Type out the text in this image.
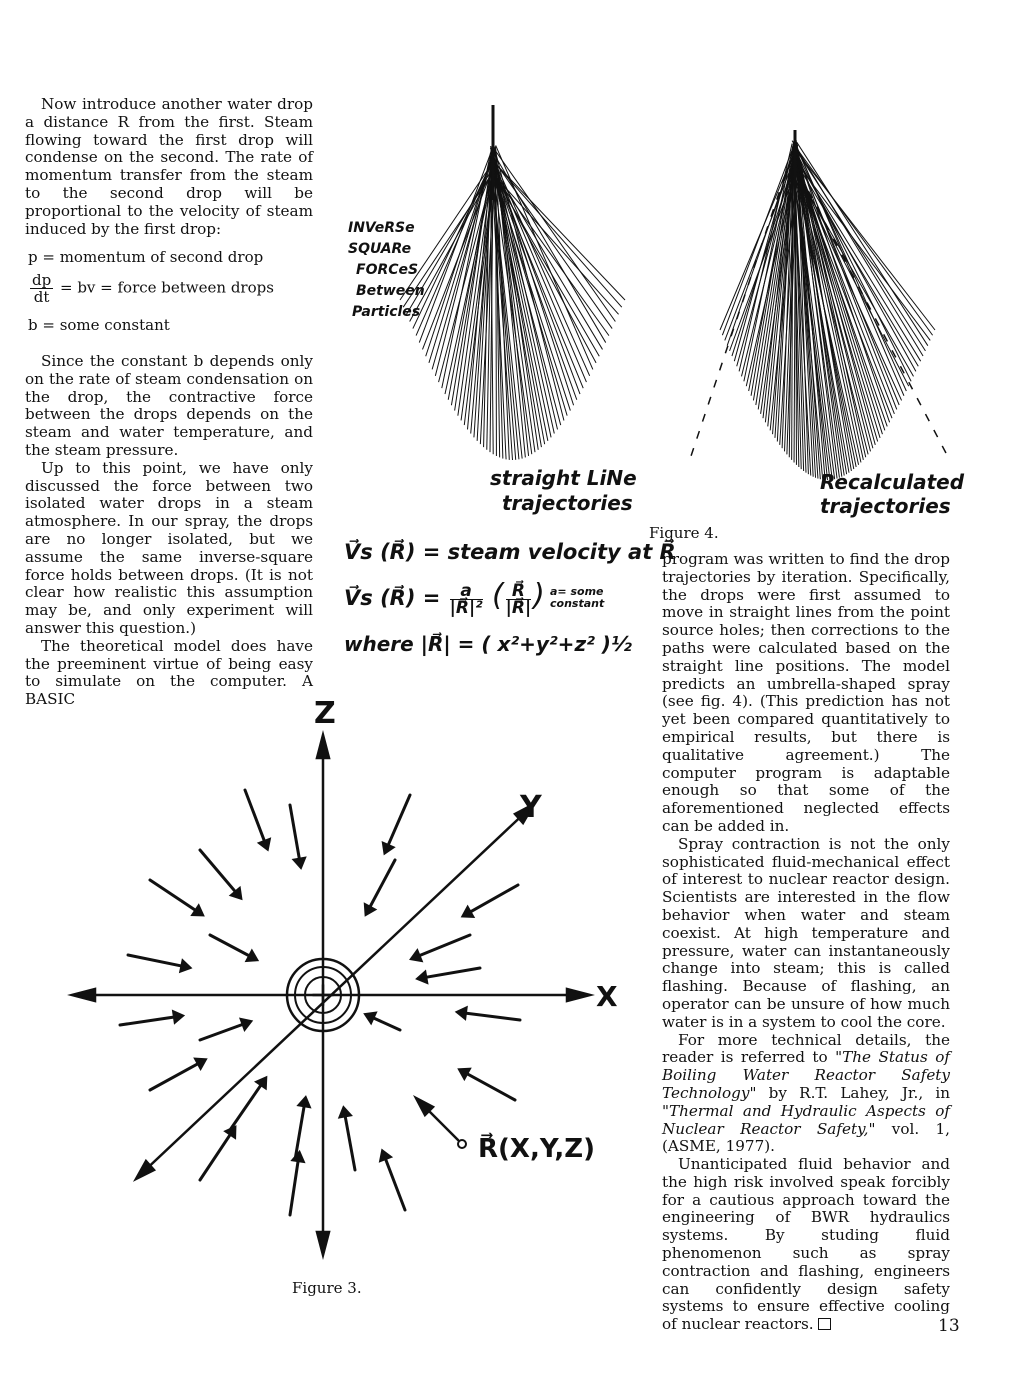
Now introduce another water drop a distance R from the first. Steam flowing toward the first drop will condense on the second. The rate of momentum transfer from the steam to the second drop will be proportional to the velocity of steam induced by the first drop:

p = momentum of second drop
$\frac{dp}{dt}$ = bv = force between drops
b = some constant

Since the constant b depends only on the rate of steam condensation on the drop, the contractive force between the drops depends on the steam and water temperature, and the steam pressure.

Up to this point, we have only discussed the force between two isolated water drops in a steam atmosphere. In our spray, the drops are no longer isolated, but we assume the same inverse-square force holds between drops. (It is not clear how realistic this assumption may be, and only experiment will answer this question.)

The theoretical model does have the preeminent virtue of being easy to simulate on the computer. A BASIC

program was written to find the drop trajectories by iteration. Specifically, the drops were first assumed to move in straight lines from the point source holes; then corrections to the paths were calculated based on the straight line positions. The model predicts an umbrella-shaped spray (see fig. 4). (This prediction has not yet been compared quantitatively to empirical results, but there is qualitative agreement.) The computer program is adaptable enough so that some of the aforementioned neglected effects can be added in.

Spray contraction is not the only sophisticated fluid-mechanical effect of interest to nuclear reactor design. Scientists are interested in the flow behavior when water and steam coexist. At high temperature and pressure, water can instantaneously change into steam; this is called flashing. Because of flashing, an operator can be unsure of how much water is in a system to cool the core.

For more technical details, the reader is referred to "The Status of Boiling Water Reactor Safety Technology" by R.T. Lahey, Jr., in "Thermal and Hydraulic Aspects of Nuclear Reactor Safety," vol. 1, (ASME, 1977).

Unanticipated fluid behavior and the high risk involved speak forcibly for a cautious approach toward the engineering of BWR hydraulics systems. By studing fluid phenomenon such as spray contraction and flashing, engineers can confidently design safety systems to ensure effective cooling of nuclear reactors.

INVeRSe
SQUARe
FORCeS
Between
Particles
straight LiNe
trajectories
Recalculated
trajectories
Figure 4.
V⃗s (R⃗) = steam velocity at R⃗
V⃗s (R⃗) = $\frac{a}{\text{|R⃗|²}}$ ( $\frac{R⃗}{|R⃗|}$ ) a= some constant
where |R⃗| = ( x²+y²+z² )½
Z
Y
X
R⃗(X,Y,Z)
Figure 3.
13
